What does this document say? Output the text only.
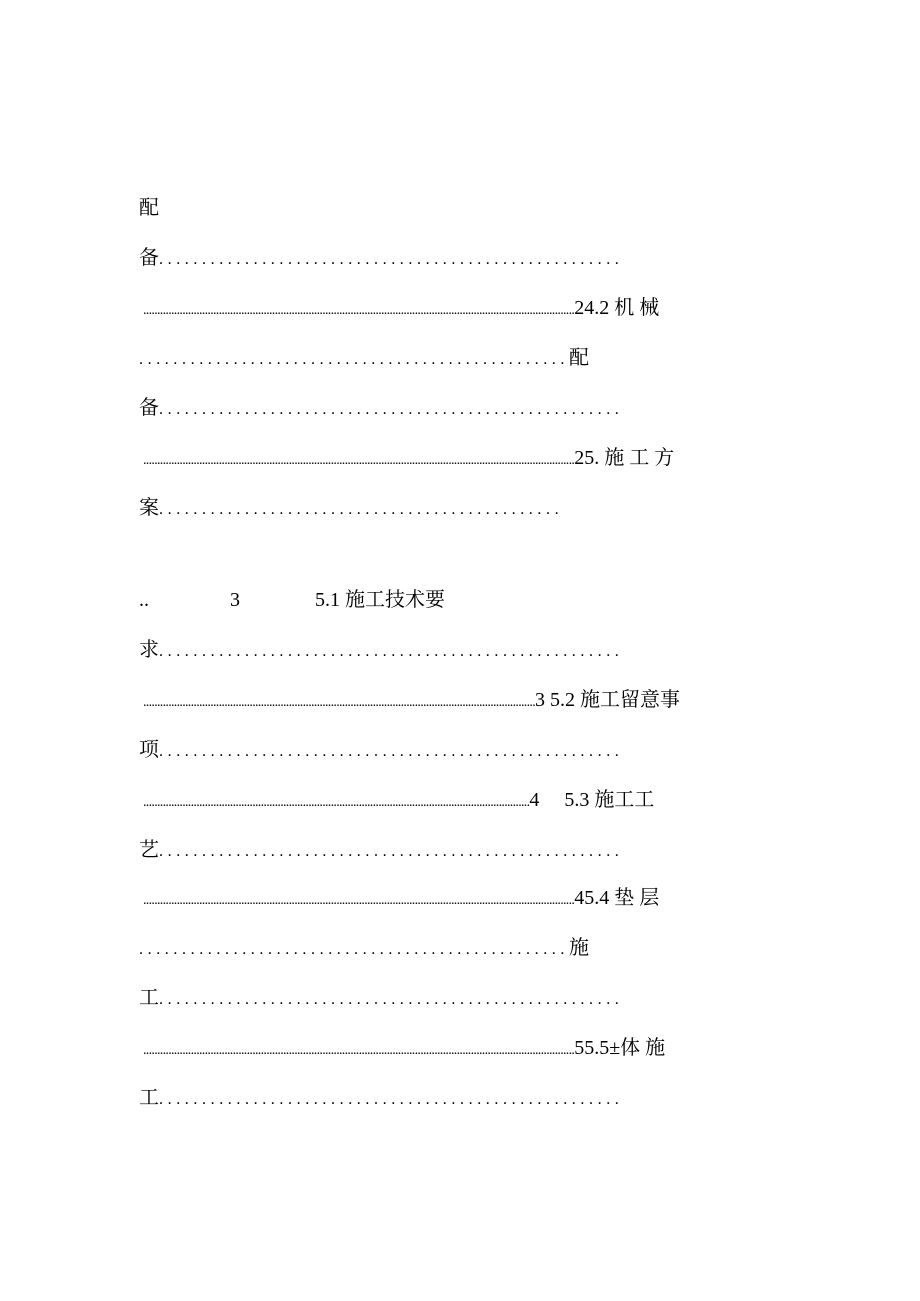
配
备......................................................
..........................................................................................................................................................24.2 机 械
..................................................配
备......................................................
..........................................................................................................................................................25. 施 工 方
案...............................................
..	3	5.1 施工技术要
求......................................................
............................................................................................................................................3 5.2 施工留意事
项......................................................
..........................................................................................................................................4     5.3 施工工
艺......................................................
..........................................................................................................................................................45.4 垫 层
..................................................施
工......................................................
..........................................................................................................................................................55.5±体 施
工......................................................
